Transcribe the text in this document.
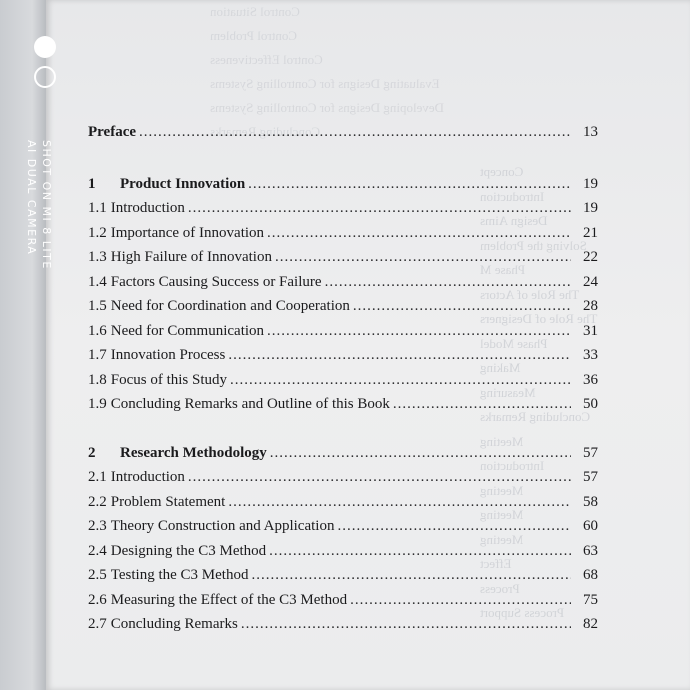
Control Situation
Control Problem
Control Effectiveness
Evaluating Designs for Controlling Systems
Developing Designs for Controlling Systems
Concluding Remarks
Concept
Introduction
Design Aims
Solving the Problem
Phase M
The Role of Actors
The Role of Designers
Phase Model
Making
Measuring
Concluding Remarks
Meeting
Introduction
Meeting
Meeting
Meeting
Effect
Process
Process Support
SHOT ON MI 8 LITE
AI DUAL CAMERA
Preface .....	13
1	Product Innovation .....	19
1.1 Introduction .....	19
1.2 Importance of Innovation .....	21
1.3 High Failure of Innovation .....	22
1.4 Factors Causing Success or Failure .....	24
1.5 Need for Coordination and Cooperation .....	28
1.6 Need for Communication .....	31
1.7 Innovation Process .....	33
1.8 Focus of this Study .....	36
1.9 Concluding Remarks and Outline of this Book .....	50
2	Research Methodology .....	57
2.1 Introduction .....	57
2.2 Problem Statement .....	58
2.3 Theory Construction and Application .....	60
2.4 Designing the C3 Method .....	63
2.5 Testing the C3 Method .....	68
2.6 Measuring the Effect of the C3 Method .....	75
2.7 Concluding Remarks .....	82
